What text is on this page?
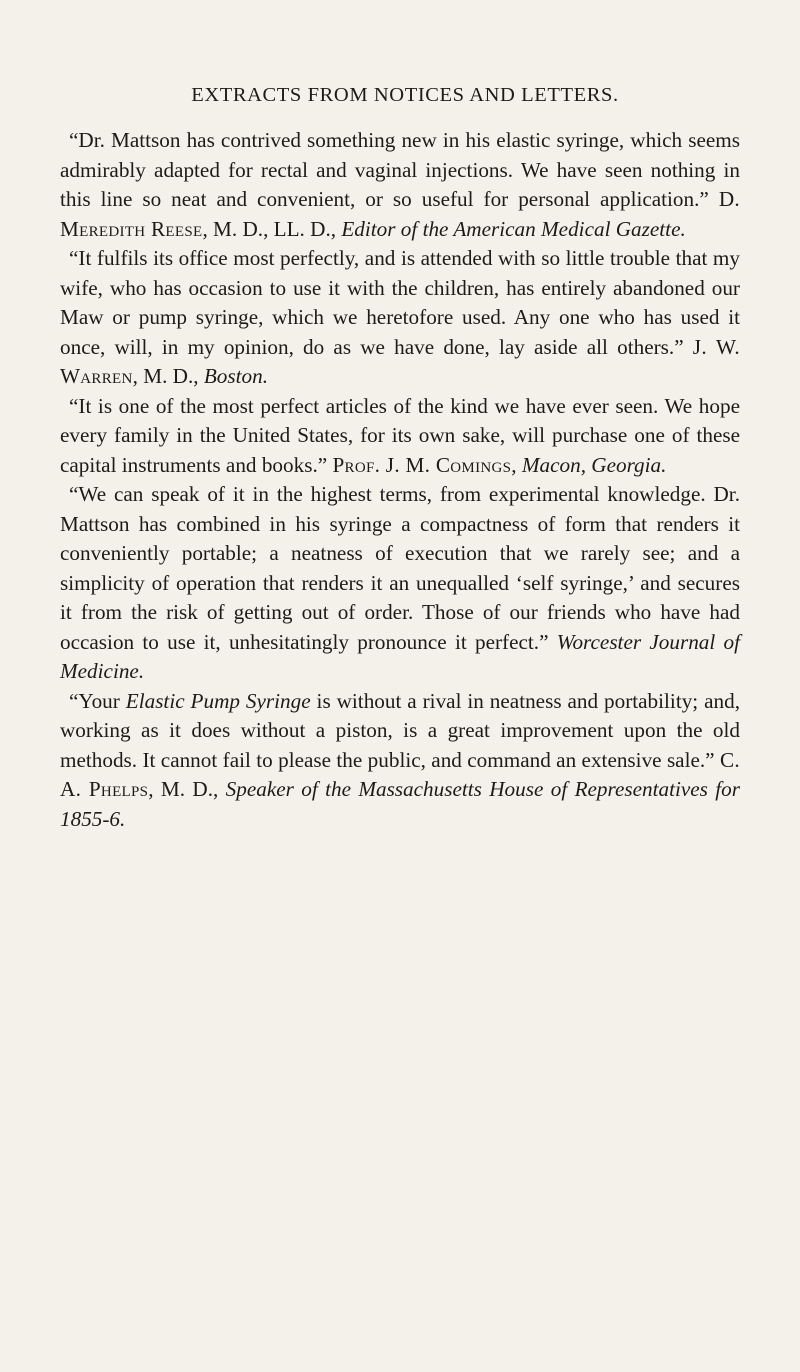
EXTRACTS FROM NOTICES AND LETTERS.

“Dr. Mattson has contrived something new in his elastic syringe, which seems admirably adapted for rectal and vaginal injections. We have seen nothing in this line so neat and convenient, or so useful for personal application.” D. Meredith Reese, M. D., LL. D., Editor of the American Medical Gazette.

“It fulfils its office most perfectly, and is attended with so little trouble that my wife, who has occasion to use it with the children, has entirely abandoned our Maw or pump syringe, which we heretofore used. Any one who has used it once, will, in my opinion, do as we have done, lay aside all others.” J. W. Warren, M. D., Boston.

“It is one of the most perfect articles of the kind we have ever seen. We hope every family in the United States, for its own sake, will purchase one of these capital instruments and books.” Prof. J. M. Comings, Macon, Georgia.

“We can speak of it in the highest terms, from experimental knowledge. Dr. Mattson has combined in his syringe a compactness of form that renders it conveniently portable; a neatness of execution that we rarely see; and a simplicity of operation that renders it an unequalled ‘self syringe,’ and secures it from the risk of getting out of order. Those of our friends who have had occasion to use it, unhesitatingly pronounce it perfect.” Worcester Journal of Medicine.

“Your Elastic Pump Syringe is without a rival in neatness and portability; and, working as it does without a piston, is a great improvement upon the old methods. It cannot fail to please the public, and command an extensive sale.” C. A. Phelps, M. D., Speaker of the Massachusetts House of Representatives for 1855-6.
